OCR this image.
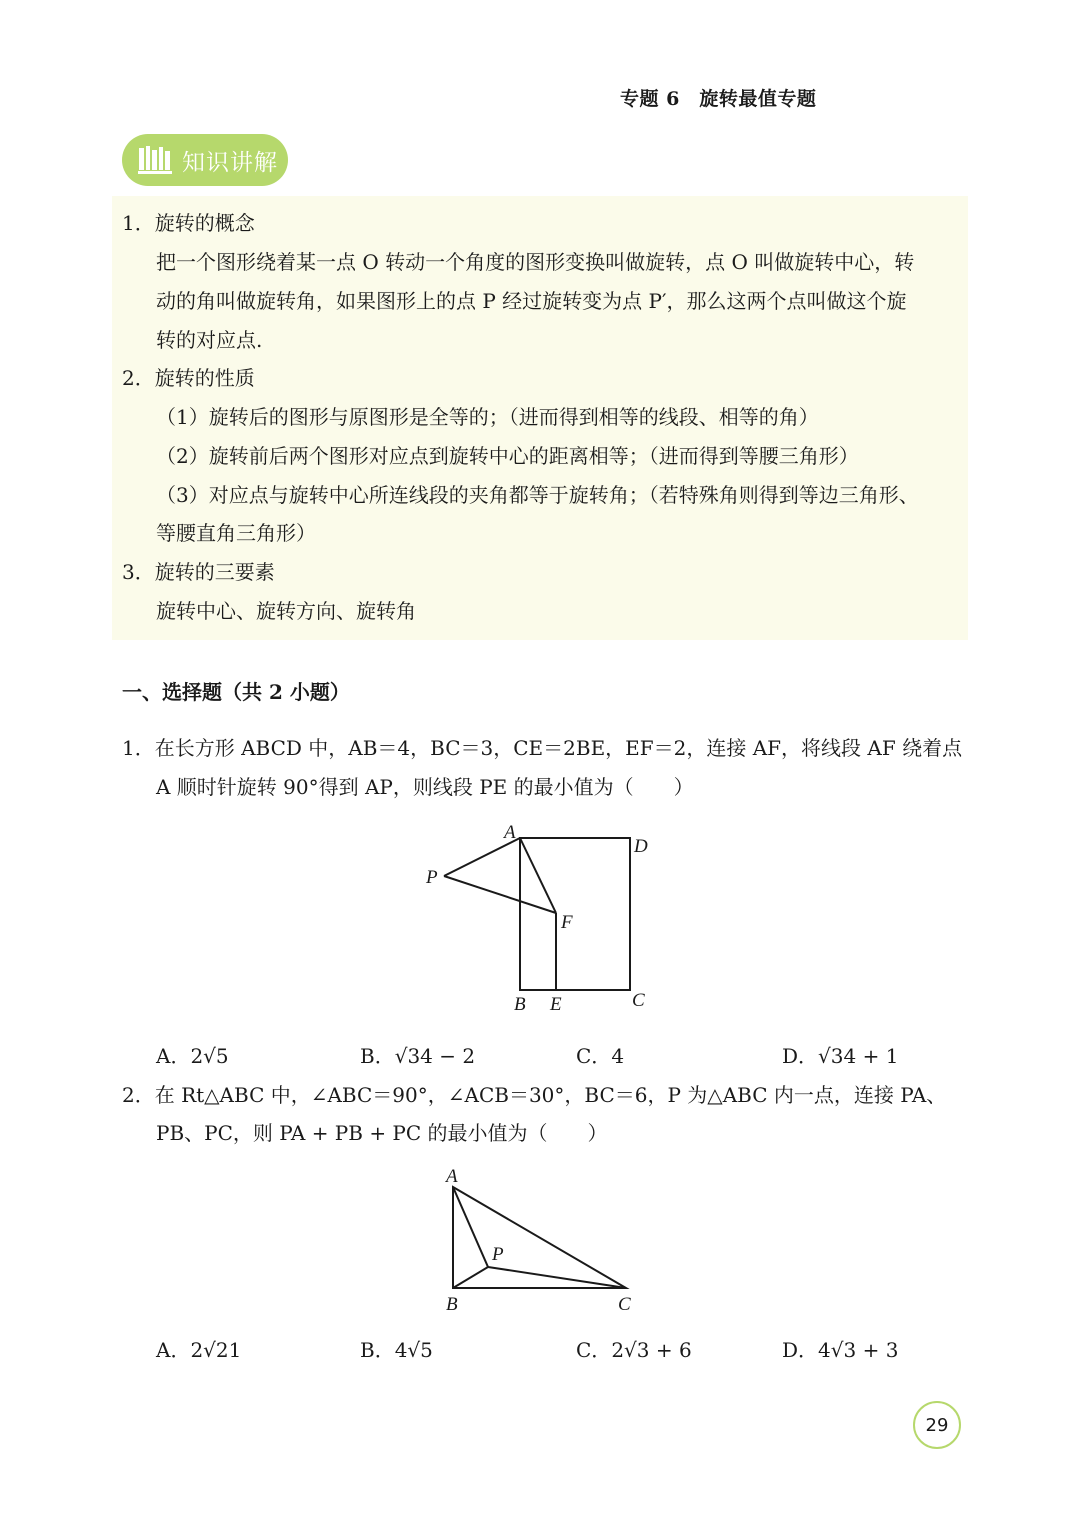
专题 6　旋转最值专题
知识讲解
1．旋转的概念
把一个图形绕着某一点 O 转动一个角度的图形变换叫做旋转，点 O 叫做旋转中心，转
动的角叫做旋转角，如果图形上的点 P 经过旋转变为点 P′，那么这两个点叫做这个旋
转的对应点.
2．旋转的性质
（1）旋转后的图形与原图形是全等的；（进而得到相等的线段、相等的角）
（2）旋转前后两个图形对应点到旋转中心的距离相等；（进而得到等腰三角形）
（3）对应点与旋转中心所连线段的夹角都等于旋转角；（若特殊角则得到等边三角形、
等腰直角三角形）
3．旋转的三要素
旋转中心、旋转方向、旋转角
一、选择题（共 2 小题）
1．在长方形 ABCD 中，AB＝4，BC＝3，CE＝2BE，EF＝2，连接 AF，将线段 AF 绕着点
A 顺时针旋转 90°得到 AP，则线段 PE 的最小值为（　　）
A
D
P
F
B E	C
A．2√5	B．√34 − 2	C．4	D．√34 + 1
2．在 Rt△ABC 中，∠ABC＝90°，∠ACB＝30°，BC＝6，P 为△ABC 内一点，连接 PA、
PB、PC，则 PA + PB + PC 的最小值为（　　）
A
P
B	C
A．2√21	B．4√5	C．2√3 + 6	D．4√3 + 3
29
